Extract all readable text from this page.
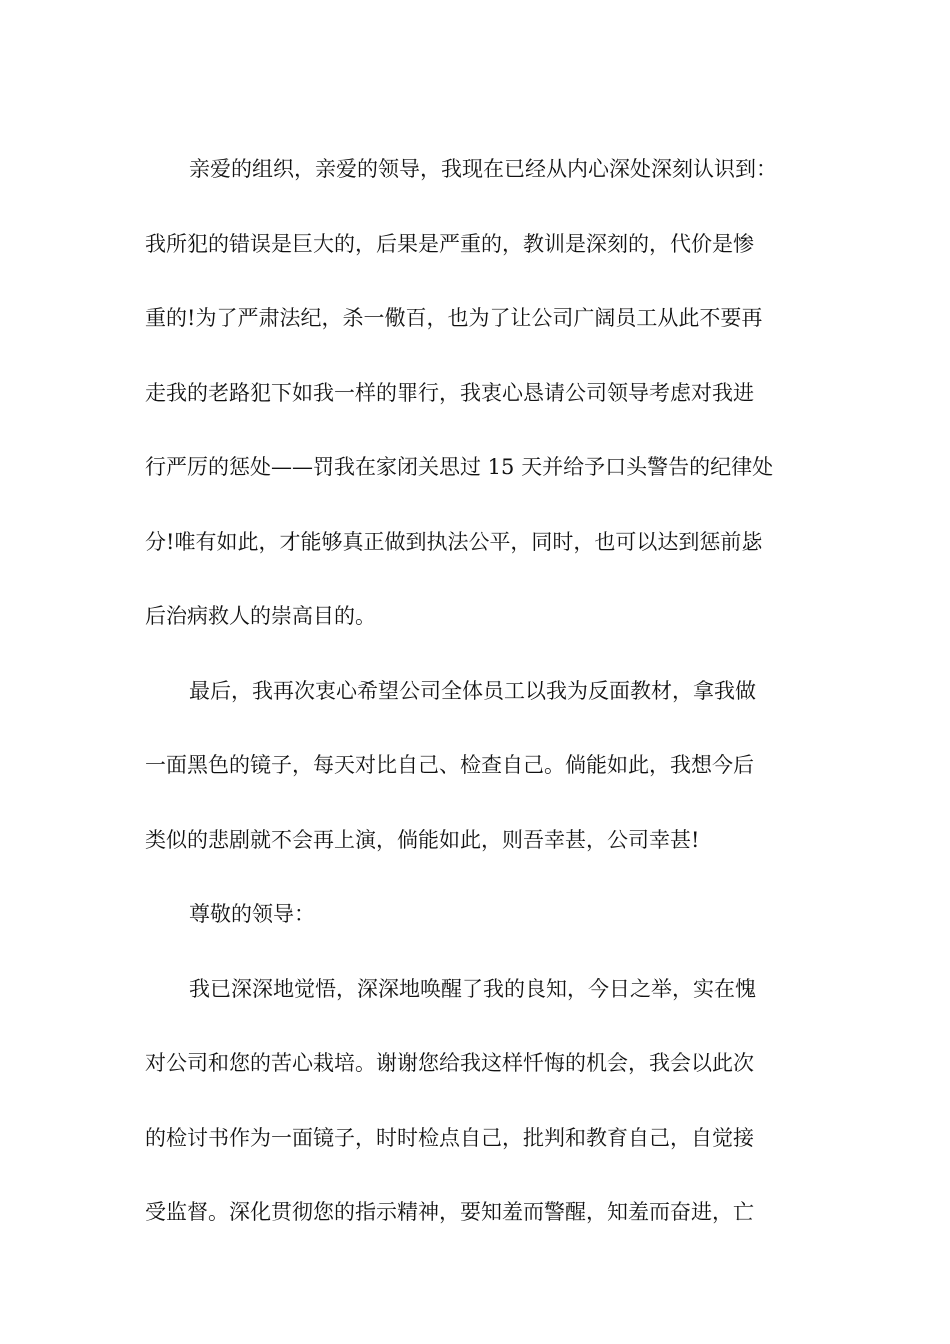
亲爱的组织，亲爱的领导，我现在已经从内心深处深刻认识到：
我所犯的错误是巨大的，后果是严重的，教训是深刻的，代价是惨
重的!为了严肃法纪，杀一儆百，也为了让公司广阔员工从此不要再
走我的老路犯下如我一样的罪行，我衷心恳请公司领导考虑对我进
行严厉的惩处——罚我在家闭关思过 15 天并给予口头警告的纪律处
分!唯有如此，才能够真正做到执法公平，同时，也可以达到惩前毖
后治病救人的崇高目的。
最后，我再次衷心希望公司全体员工以我为反面教材，拿我做
一面黑色的镜子，每天对比自己、检查自己。倘能如此，我想今后
类似的悲剧就不会再上演，倘能如此，则吾幸甚，公司幸甚!
尊敬的领导：
我已深深地觉悟，深深地唤醒了我的良知，今日之举，实在愧
对公司和您的苦心栽培。谢谢您给我这样忏悔的机会，我会以此次
的检讨书作为一面镜子，时时检点自己，批判和教育自己，自觉接
受监督。深化贯彻您的指示精神，要知羞而警醒，知羞而奋进，亡
